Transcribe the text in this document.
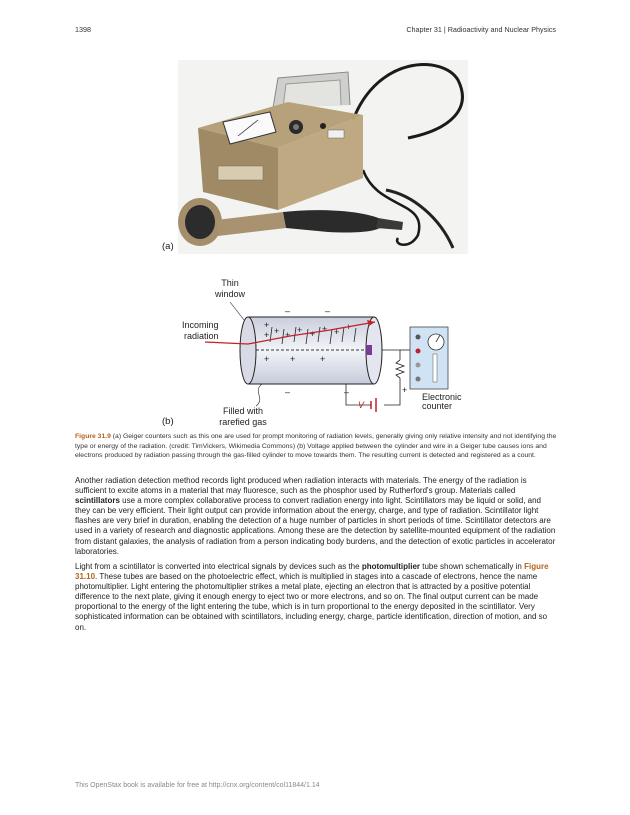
1398	Chapter 31 | Radioactivity and Nuclear Physics
(a)
+ +
+
+ + + + + +
+ +	+
Thin
window
Incoming
radiation
Filled with
rarefied gas
Electronic
counter
V
–	–
–	–	+
(b)
Figure 31.9 (a) Geiger counters such as this one are used for prompt monitoring of radiation levels, generally giving only relative intensity and not identifying the type or energy of the radiation. (credit: TimVickers, Wikimedia Commons) (b) Voltage applied between the cylinder and wire in a Geiger tube causes ions and electrons produced by radiation passing through the gas-filled cylinder to move towards them. The resulting current is detected and registered as a count.

Another radiation detection method records light produced when radiation interacts with materials. The energy of the radiation is sufficient to excite atoms in a material that may fluoresce, such as the phosphor used by Rutherford's group. Materials called scintillators use a more complex collaborative process to convert radiation energy into light. Scintillators may be liquid or solid, and they can be very efficient. Their light output can provide information about the energy, charge, and type of radiation. Scintillator light flashes are very brief in duration, enabling the detection of a huge number of particles in short periods of time. Scintillator detectors are used in a variety of research and diagnostic applications. Among these are the detection by satellite-mounted equipment of the radiation from distant galaxies, the analysis of radiation from a person indicating body burdens, and the detection of exotic particles in accelerator laboratories.

Light from a scintillator is converted into electrical signals by devices such as the photomultiplier tube shown schematically in Figure 31.10. These tubes are based on the photoelectric effect, which is multiplied in stages into a cascade of electrons, hence the name photomultiplier. Light entering the photomultiplier strikes a metal plate, ejecting an electron that is attracted by a positive potential difference to the next plate, giving it enough energy to eject two or more electrons, and so on. The final output current can be made proportional to the energy of the light entering the tube, which is in turn proportional to the energy deposited in the scintillator. Very sophisticated information can be obtained with scintillators, including energy, charge, particle identification, direction of motion, and so on.

This OpenStax book is available for free at http://cnx.org/content/col11844/1.14
